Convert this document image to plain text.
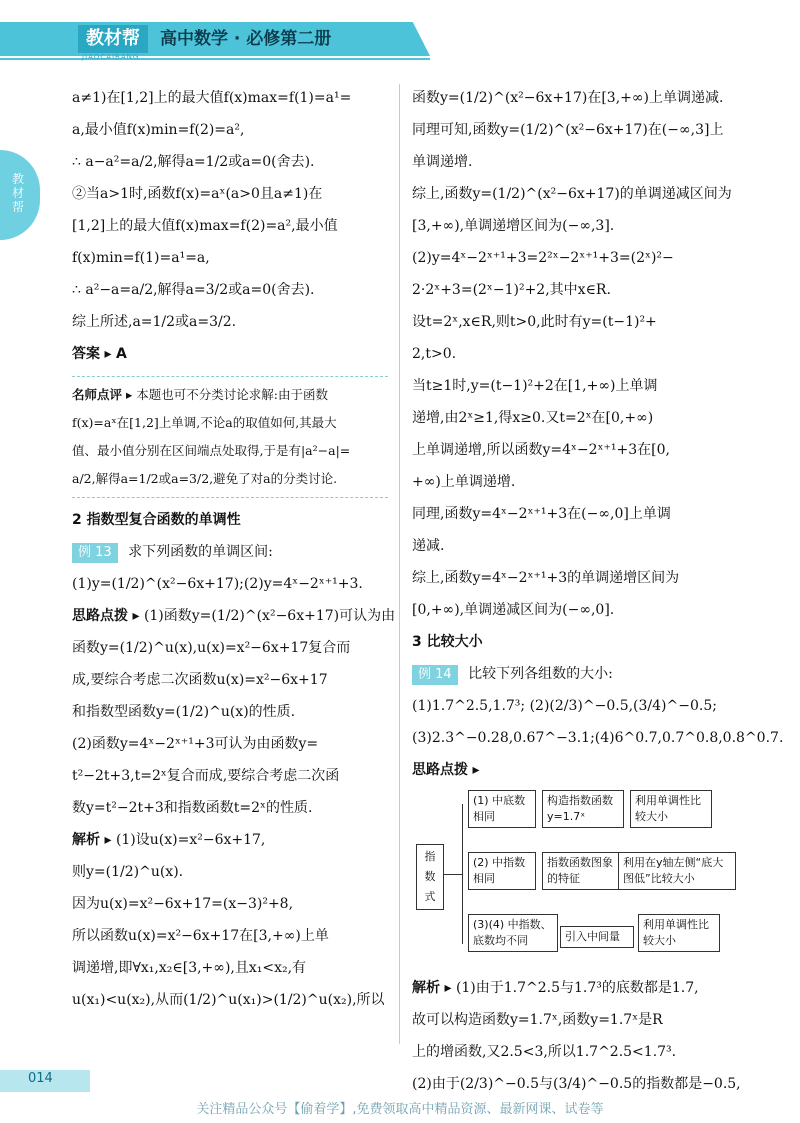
教材帮
JIAOCAIBANG
高中数学 · 必修第二册
教材帮
a≠1)在[1,2]上的最大值f(x)max=f(1)=a¹=
a,最小值f(x)min=f(2)=a²,
∴ a−a²=a/2,解得a=1/2或a=0(舍去).
②当a>1时,函数f(x)=aˣ(a>0且a≠1)在
[1,2]上的最大值f(x)max=f(2)=a²,最小值
f(x)min=f(1)=a¹=a,
∴ a²−a=a/2,解得a=3/2或a=0(舍去).
综上所述,a=1/2或a=3/2.
答案 ▸ A
名师点评 ▸ 本题也可不分类讨论求解:由于函数
f(x)=aˣ在[1,2]上单调,不论a的取值如何,其最大
值、最小值分别在区间端点处取得,于是有|a²−a|=
a/2,解得a=1/2或a=3/2,避免了对a的分类讨论.
2 指数型复合函数的单调性
例 13 求下列函数的单调区间:
(1)y=(1/2)^(x²−6x+17);(2)y=4ˣ−2ˣ⁺¹+3.
思路点拨 ▸ (1)函数y=(1/2)^(x²−6x+17)可认为由
函数y=(1/2)^u(x),u(x)=x²−6x+17复合而
成,要综合考虑二次函数u(x)=x²−6x+17
和指数型函数y=(1/2)^u(x)的性质.
(2)函数y=4ˣ−2ˣ⁺¹+3可认为由函数y=
t²−2t+3,t=2ˣ复合而成,要综合考虑二次函
数y=t²−2t+3和指数函数t=2ˣ的性质.
解析 ▸ (1)设u(x)=x²−6x+17,
则y=(1/2)^u(x).
因为u(x)=x²−6x+17=(x−3)²+8,
所以函数u(x)=x²−6x+17在[3,+∞)上单
调递增,即∀x₁,x₂∈[3,+∞),且x₁<x₂,有
u(x₁)<u(x₂),从而(1/2)^u(x₁)>(1/2)^u(x₂),所以
函数y=(1/2)^(x²−6x+17)在[3,+∞)上单调递减.
同理可知,函数y=(1/2)^(x²−6x+17)在(−∞,3]上
单调递增.
综上,函数y=(1/2)^(x²−6x+17)的单调递减区间为
[3,+∞),单调递增区间为(−∞,3].
(2)y=4ˣ−2ˣ⁺¹+3=2²ˣ−2ˣ⁺¹+3=(2ˣ)²−
2·2ˣ+3=(2ˣ−1)²+2,其中x∈R.
设t=2ˣ,x∈R,则t>0,此时有y=(t−1)²+
2,t>0.
当t≥1时,y=(t−1)²+2在[1,+∞)上单调
递增,由2ˣ≥1,得x≥0.又t=2ˣ在[0,+∞)
上单调递增,所以函数y=4ˣ−2ˣ⁺¹+3在[0,
+∞)上单调递增.
同理,函数y=4ˣ−2ˣ⁺¹+3在(−∞,0]上单调
递减.
综上,函数y=4ˣ−2ˣ⁺¹+3的单调递增区间为
[0,+∞),单调递减区间为(−∞,0].
3 比较大小
例 14 比较下列各组数的大小:
(1)1.7^2.5,1.7³; (2)(2/3)^−0.5,(3/4)^−0.5;
(3)2.3^−0.28,0.67^−3.1;(4)6^0.7,0.7^0.8,0.8^0.7.
思路点拨 ▸
指数式
(1) 中底数相同
构造指数函数 y=1.7ˣ
利用单调性比较大小
(2) 中指数相同
指数函数图象的特征
利用在y轴左侧“底大图低”比较大小
(3)(4) 中指数、底数均不同	引入中间量
利用单调性比较大小
解析 ▸ (1)由于1.7^2.5与1.7³的底数都是1.7,
故可以构造函数y=1.7ˣ,函数y=1.7ˣ是R
上的增函数,又2.5<3,所以1.7^2.5<1.7³.
(2)由于(2/3)^−0.5与(3/4)^−0.5的指数都是−0.5,
014
关注精品公众号【偷着学】,免费领取高中精品资源、最新网课、试卷等
